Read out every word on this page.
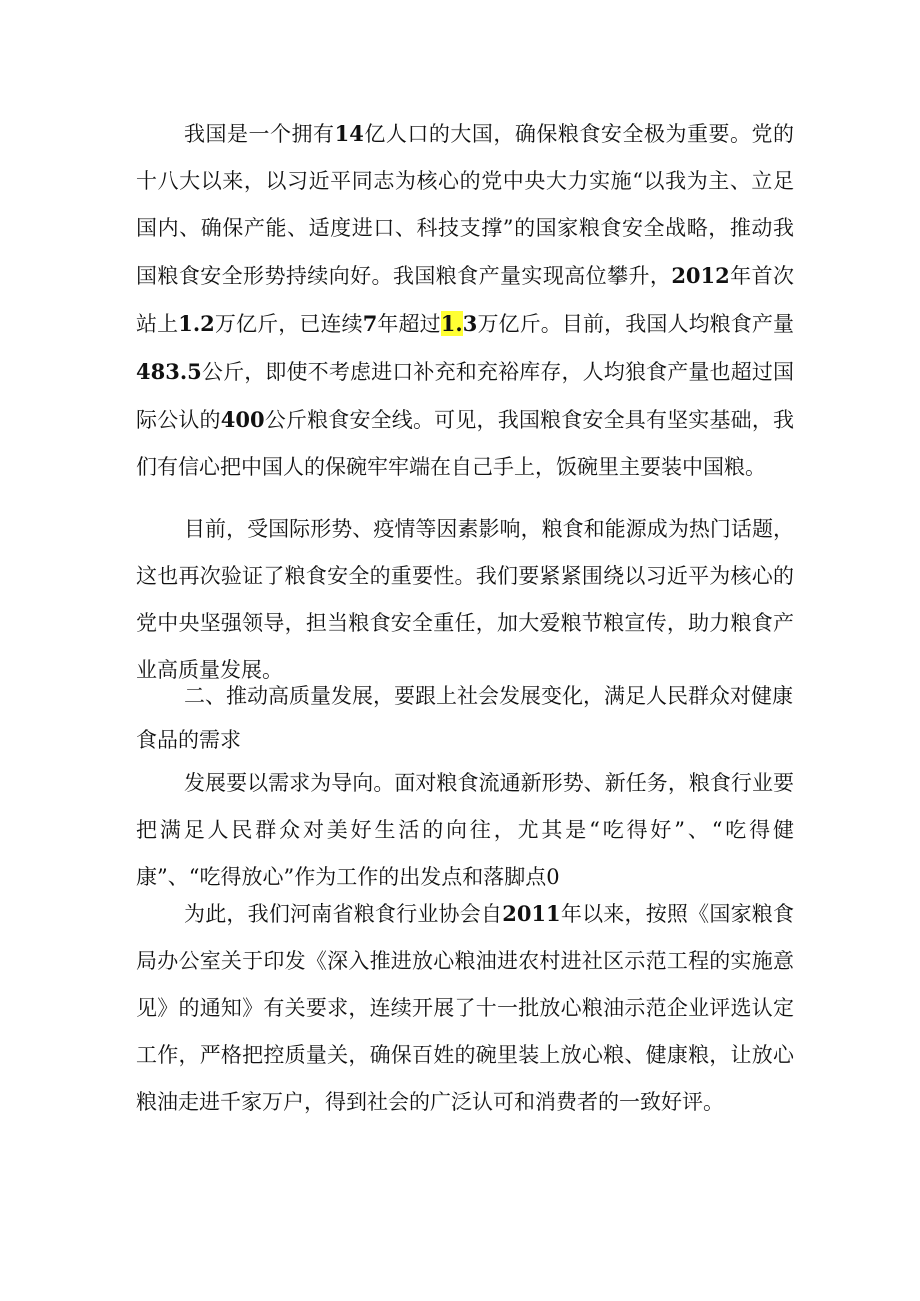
我国是一个拥有14亿人口的大国，确保粮食安全极为重要。党的十八大以来，以习近平同志为核心的党中央大力实施“以我为主、立足国内、确保产能、适度进口、科技支撑”的国家粮食安全战略，推动我国粮食安全形势持续向好。我国粮食产量实现高位攀升，2012年首次站上1.2万亿斤，已连续7年超过1.3万亿斤。目前，我国人均粮食产量483.5公斤，即使不考虑进口补充和充裕库存，人均狼食产量也超过国际公认的400公斤粮食安全线。可见，我国粮食安全具有坚实基础，我们有信心把中国人的保碗牢牢端在自己手上，饭碗里主要装中国粮。

目前，受国际形势、疫情等因素影响，粮食和能源成为热门话题，这也再次验证了粮食安全的重要性。我们要紧紧围绕以习近平为核心的党中央坚强领导，担当粮食安全重任，加大爱粮节粮宣传，助力粮食产业高质量发展。

二、推动高质量发展，要跟上社会发展变化，满足人民群众对健康食品的需求

发展要以需求为导向。面对粮食流通新形势、新任务，粮食行业要把满足人民群众对美好生活的向往，尤其是“吃得好”、“吃得健康”、“吃得放心”作为工作的出发点和落脚点0

为此，我们河南省粮食行业协会自2011年以来，按照《国家粮食局办公室关于印发《深入推进放心粮油进农村进社区示范工程的实施意见》的通知》有关要求，连续开展了十一批放心粮油示范企业评选认定工作，严格把控质量关，确保百姓的碗里装上放心粮、健康粮，让放心粮油走进千家万户，得到社会的广泛认可和消费者的一致好评。
